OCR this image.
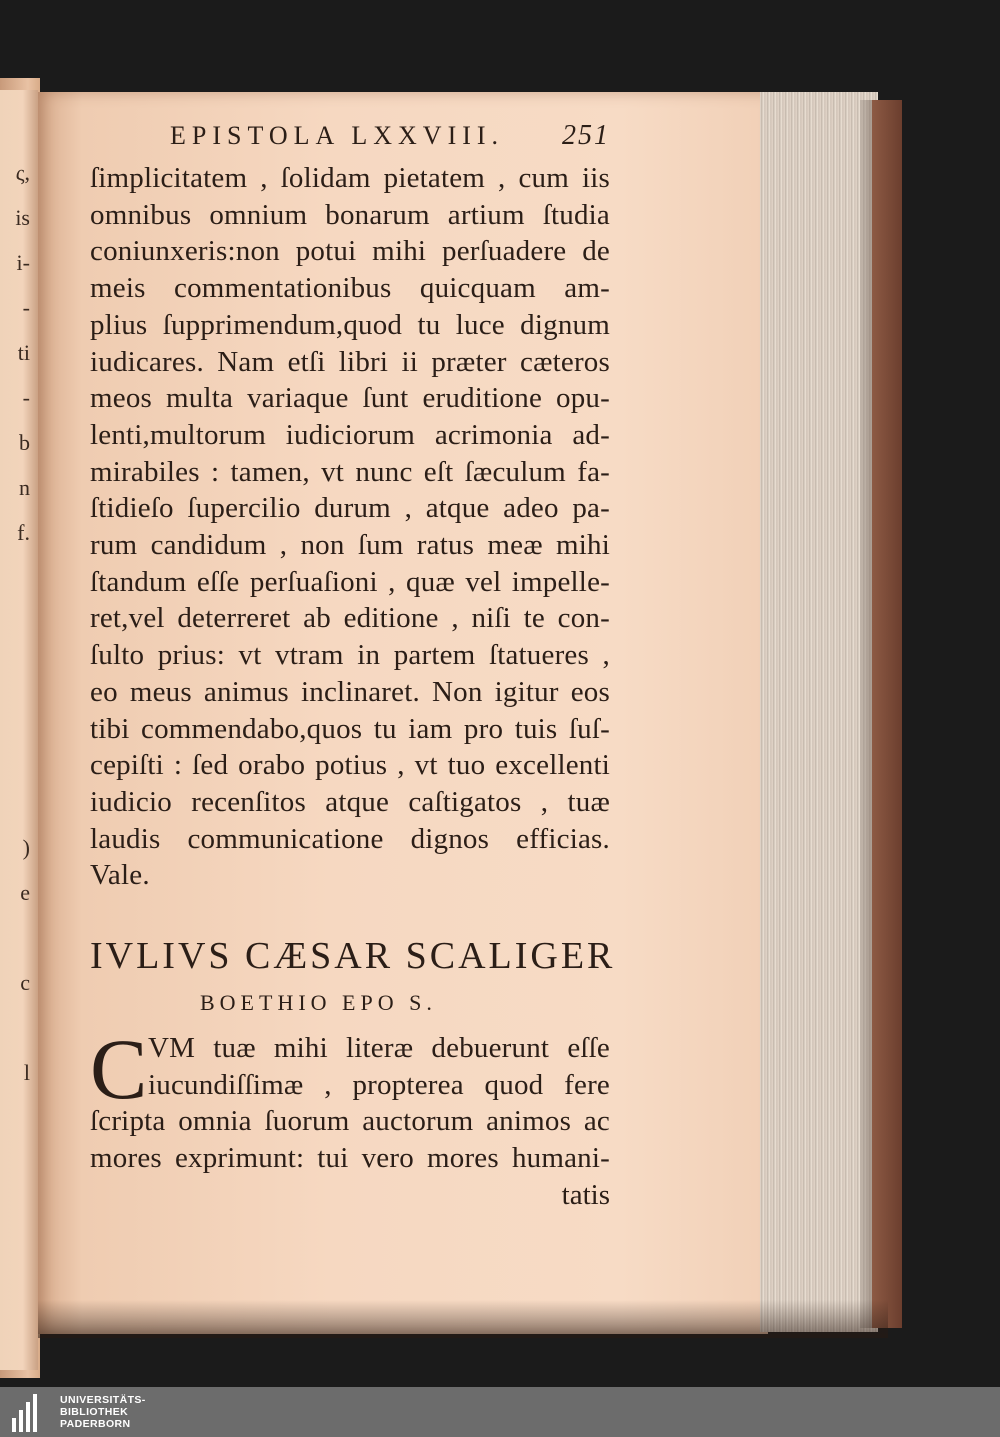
ς,
is
i-
-
ti
-
b
n
f.

)
e

c

l

EPISTOLA LXXVIII. 251
ſimplicitatem , ſolidam pietatem , cum iis
omnibus omnium bonarum artium ſtudia
coniunxeris:non potui mihi perſuadere de
meis commentationibus quicquam am-
plius ſupprimendum,quod tu luce dignum
iudicares. Nam etſi libri ii præter cæteros
meos multa variaque ſunt eruditione opu-
lenti,multorum iudiciorum acrimonia ad-
mirabiles : tamen, vt nunc eſt ſæculum fa-
ſtidieſo ſupercilio durum , atque adeo pa-
rum candidum , non ſum ratus meæ mihi
ſtandum eſſe perſuaſioni , quæ vel impelle-
ret,vel deterreret ab editione , niſi te con-
ſulto prius: vt vtram in partem ſtatueres ,
eo meus animus inclinaret. Non igitur eos
tibi commendabo,quos tu iam pro tuis ſuſ-
cepiſti : ſed orabo potius , vt tuo excellenti
iudicio recenſitos atque caſtigatos , tuæ
laudis communicatione dignos efficias.
Vale.
IVLIVS CÆSAR SCALIGER
BOETHIO EPO S.
C VM tuæ mihi literæ debuerunt eſſe
iucundiſſimæ , propterea quod fere
ſcripta omnia ſuorum auctorum animos ac
mores exprimunt: tui vero mores humani-
tatis
UNIVERSITÄTS-
BIBLIOTHEK
PADERBORN
